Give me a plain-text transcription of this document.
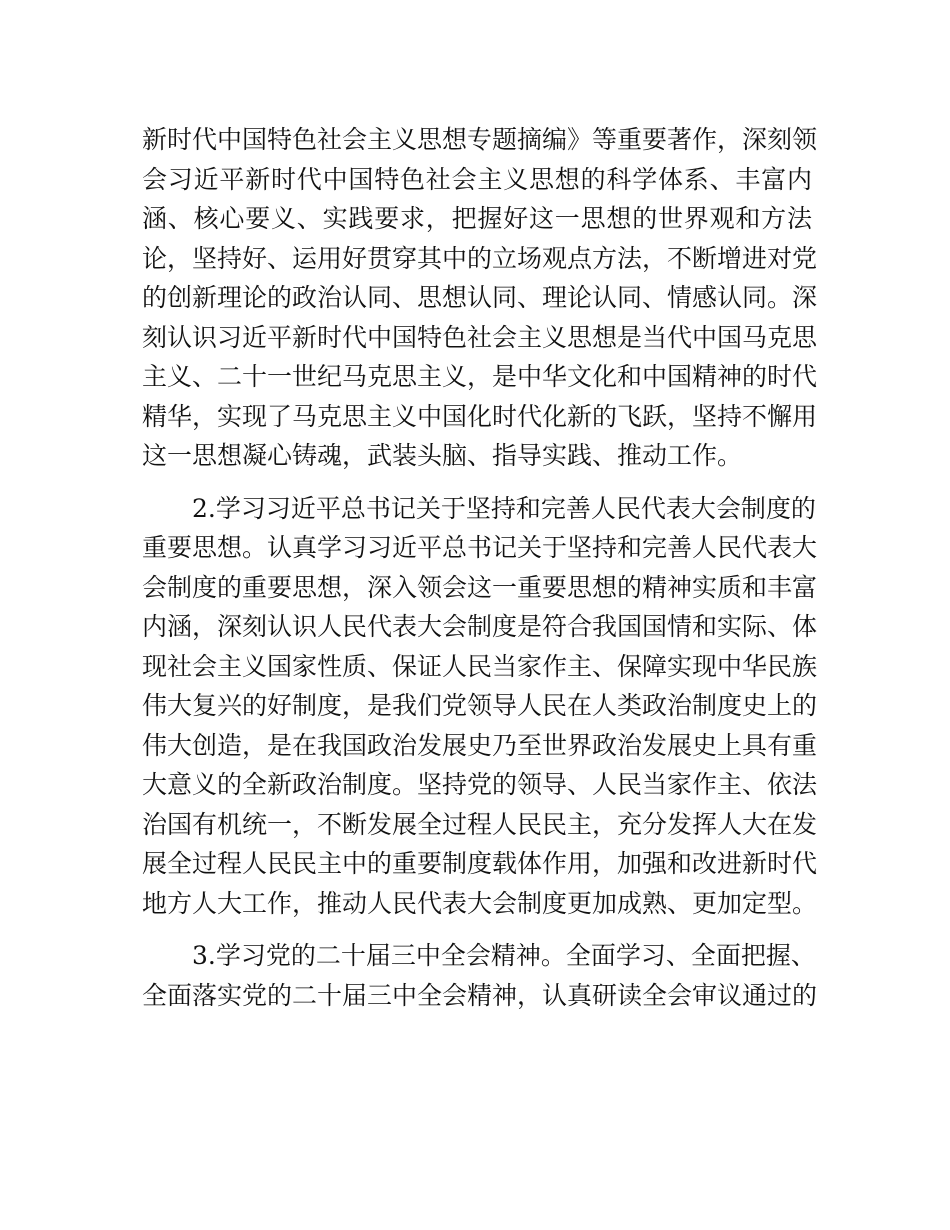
新时代中国特色社会主义思想专题摘编》等重要著作，深刻领
会习近平新时代中国特色社会主义思想的科学体系、丰富内
涵、核心要义、实践要求，把握好这一思想的世界观和方法
论，坚持好、运用好贯穿其中的立场观点方法，不断增进对党
的创新理论的政治认同、思想认同、理论认同、情感认同。深
刻认识习近平新时代中国特色社会主义思想是当代中国马克思
主义、二十一世纪马克思主义，是中华文化和中国精神的时代
精华，实现了马克思主义中国化时代化新的飞跃，坚持不懈用
这一思想凝心铸魂，武装头脑、指导实践、推动工作。
　　2.学习习近平总书记关于坚持和完善人民代表大会制度的
重要思想。认真学习习近平总书记关于坚持和完善人民代表大
会制度的重要思想，深入领会这一重要思想的精神实质和丰富
内涵，深刻认识人民代表大会制度是符合我国国情和实际、体
现社会主义国家性质、保证人民当家作主、保障实现中华民族
伟大复兴的好制度，是我们党领导人民在人类政治制度史上的
伟大创造，是在我国政治发展史乃至世界政治发展史上具有重
大意义的全新政治制度。坚持党的领导、人民当家作主、依法
治国有机统一，不断发展全过程人民民主，充分发挥人大在发
展全过程人民民主中的重要制度载体作用，加强和改进新时代
地方人大工作，推动人民代表大会制度更加成熟、更加定型。
　　3.学习党的二十届三中全会精神。全面学习、全面把握、
全面落实党的二十届三中全会精神，认真研读全会审议通过的
